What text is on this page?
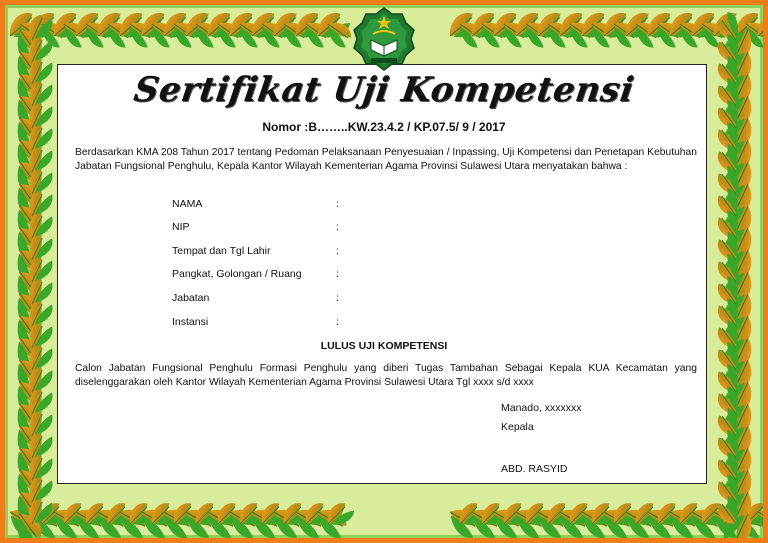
Sertifikat Uji Kompetensi
Nomor :B……..KW.23.4.2 / KP.07.5/ 9 / 2017
Berdasarkan KMA 208 Tahun 2017 tentang Pedoman Pelaksanaan Penyesuaian / Inpassing, Uji Kompetensi dan Penetapan Kebutuhan Jabatan Fungsional Penghulu, Kepala Kantor Wilayah Kementerian Agama Provinsi Sulawesi Utara menyatakan bahwa :
NAMA	:
NIP	:
Tempat dan Tgl Lahir	:
Pangkat, Golongan / Ruang	:
Jabatan	:
Instansi	:
LULUS UJI KOMPETENSI
Calon Jabatan Fungsional Penghulu Formasi Penghulu yang diberi Tugas Tambahan Sebagai Kepala KUA Kecamatan yang diselenggarakan oleh Kantor Wilayah Kementerian Agama Provinsi Sulawesi Utara Tgl xxxx s/d xxxx
Manado, xxxxxxx
Kepala
ABD. RASYID
